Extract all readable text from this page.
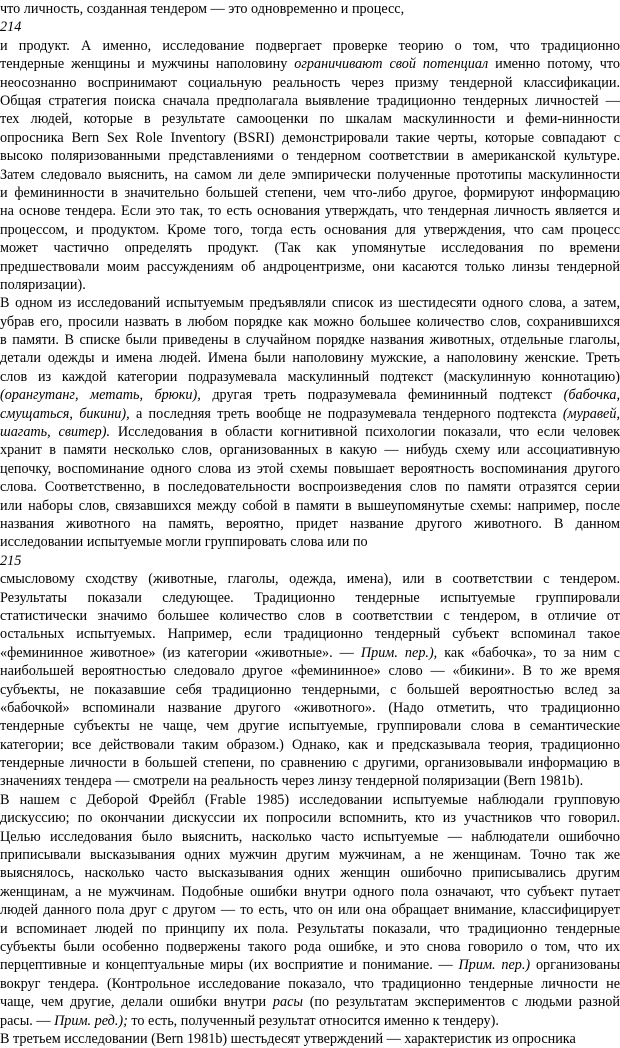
что личность, созданная тендером — это одновременно и процесс,
214
и продукт. А именно, исследование подвергает проверке теорию о том, что традиционно
тендерные женщины и мужчины наполовину ограничивают свой потенциал именно потому, что
неосознанно воспринимают социальную реальность через призму тендерной классификации.
Общая стратегия поиска сначала предполагала выявление традиционно тендерных личностей —
тех людей, которые в результате самооценки по шкалам маскулинности и феми-нинности
опросника Bern Sex Role Inventory (BSRI) демонстрировали такие черты, которые совпадают с
высоко поляризованными представлениями о тендерном соответствии в американской культуре.
Затем следовало выяснить, на самом ли деле эмпирически полученные прототипы маскулинности
и фемининности в значительно большей степени, чем что-либо другое, формируют информацию
на основе тендера. Если это так, то есть основания утверждать, что тендерная личность является и
процессом, и продуктом. Кроме того, тогда есть основания для утверждения, что сам процесс
может частично определять продукт. (Так как упомянутые исследования по времени
предшествовали моим рассуждениям об андроцентризме, они касаются только линзы тендерной
поляризации).
В одном из исследований испытуемым предъявляли список из шестидесяти одного слова, а затем,
убрав его, просили назвать в любом порядке как можно большее количество слов, сохранившихся
в памяти. В списке были приведены в случайном порядке названия животных, отдельные глаголы,
детали одежды и имена людей. Имена были наполовину мужские, а наполовину женские. Треть
слов из каждой категории подразумевала маскулинный подтекст (маскулинную коннотацию)
(орангутанг, метать, брюки), другая треть подразумевала фемининный подтекст (бабочка,
смущаться, бикини), а последняя треть вообще не подразумевала тендерного подтекста (муравей,
шагать, свитер). Исследования в области когнитивной психологии показали, что если человек
хранит в памяти несколько слов, организованных в какую — нибудь схему или ассоциативную
цепочку, воспоминание одного слова из этой схемы повышает вероятность воспоминания другого
слова. Соответственно, в последовательности воспроизведения слов по памяти отразятся серии
или наборы слов, связавшихся между собой в памяти в вышеупомянутые схемы: например, после
названия животного на память, вероятно, придет название другого животного. В данном
исследовании испытуемые могли группировать слова или по
215
смысловому сходству (животные, глаголы, одежда, имена), или в соответствии с тендером.
Результаты показали следующее. Традиционно тендерные испытуемые группировали
статистически значимо большее количество слов в соответствии с тендером, в отличие от
остальных испытуемых. Например, если традиционно тендерный субъект вспоминал такое
«фемининное животное» (из категории «животные». — Прим. пер.), как «бабочка», то за ним с
наибольшей вероятностью следовало другое «фемининное» слово — «бикини». В то же время
субъекты, не показавшие себя традиционно тендерными, с большей вероятностью вслед за
«бабочкой» вспоминали название другого «животного». (Надо отметить, что традиционно
тендерные субъекты не чаще, чем другие испытуемые, группировали слова в семантические
категории; все действовали таким образом.) Однако, как и предсказывала теория, традиционно
тендерные личности в большей степени, по сравнению с другими, организовывали информацию в
значениях тендера — смотрели на реальность через линзу тендерной поляризации (Bern 1981b).
В нашем с Деборой Фрейбл (Frable 1985) исследовании испытуемые наблюдали групповую
дискуссию; по окончании дискуссии их попросили вспомнить, кто из участников что говорил.
Целью исследования было выяснить, насколько часто испытуемые — наблюдатели ошибочно
приписывали высказывания одних мужчин другим мужчинам, а не женщинам. Точно так же
выяснялось, насколько часто высказывания одних женщин ошибочно приписывались другим
женщинам, а не мужчинам. Подобные ошибки внутри одного пола означают, что субъект путает
людей данного пола друг с другом — то есть, что он или она обращает внимание, классифицирует
и вспоминает людей по принципу их пола. Результаты показали, что традиционно тендерные
субъекты были особенно подвержены такого рода ошибке, и это снова говорило о том, что их
перцептивные и концептуальные миры (их восприятие и понимание. — Прим. пер.) организованы
вокруг тендера. (Контрольное исследование показало, что традиционно тендерные личности не
чаще, чем другие, делали ошибки внутри расы (по результатам экспериментов с людьми разной
расы. — Прим. ред.); то есть, полученный результат относится именно к тендеру).
В третьем исследовании (Bern 1981b) шестьдесят утверждений — характеристик из опросника
